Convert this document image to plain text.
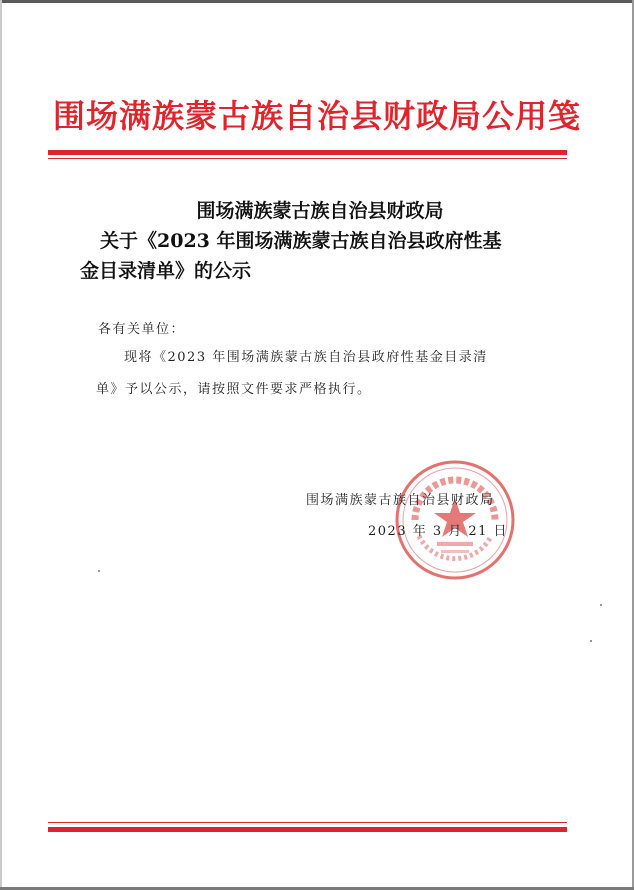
围场满族蒙古族自治县财政局公用笺
围场满族蒙古族自治县财政局
关于《2023 年围场满族蒙古族自治县政府性基
金目录清单》的公示
各有关单位：
现将《2023 年围场满族蒙古族自治县政府性基金目录清
单》予以公示，请按照文件要求严格执行。
围场满族蒙古族自治县财政局
2023 年 3 月 21 日
